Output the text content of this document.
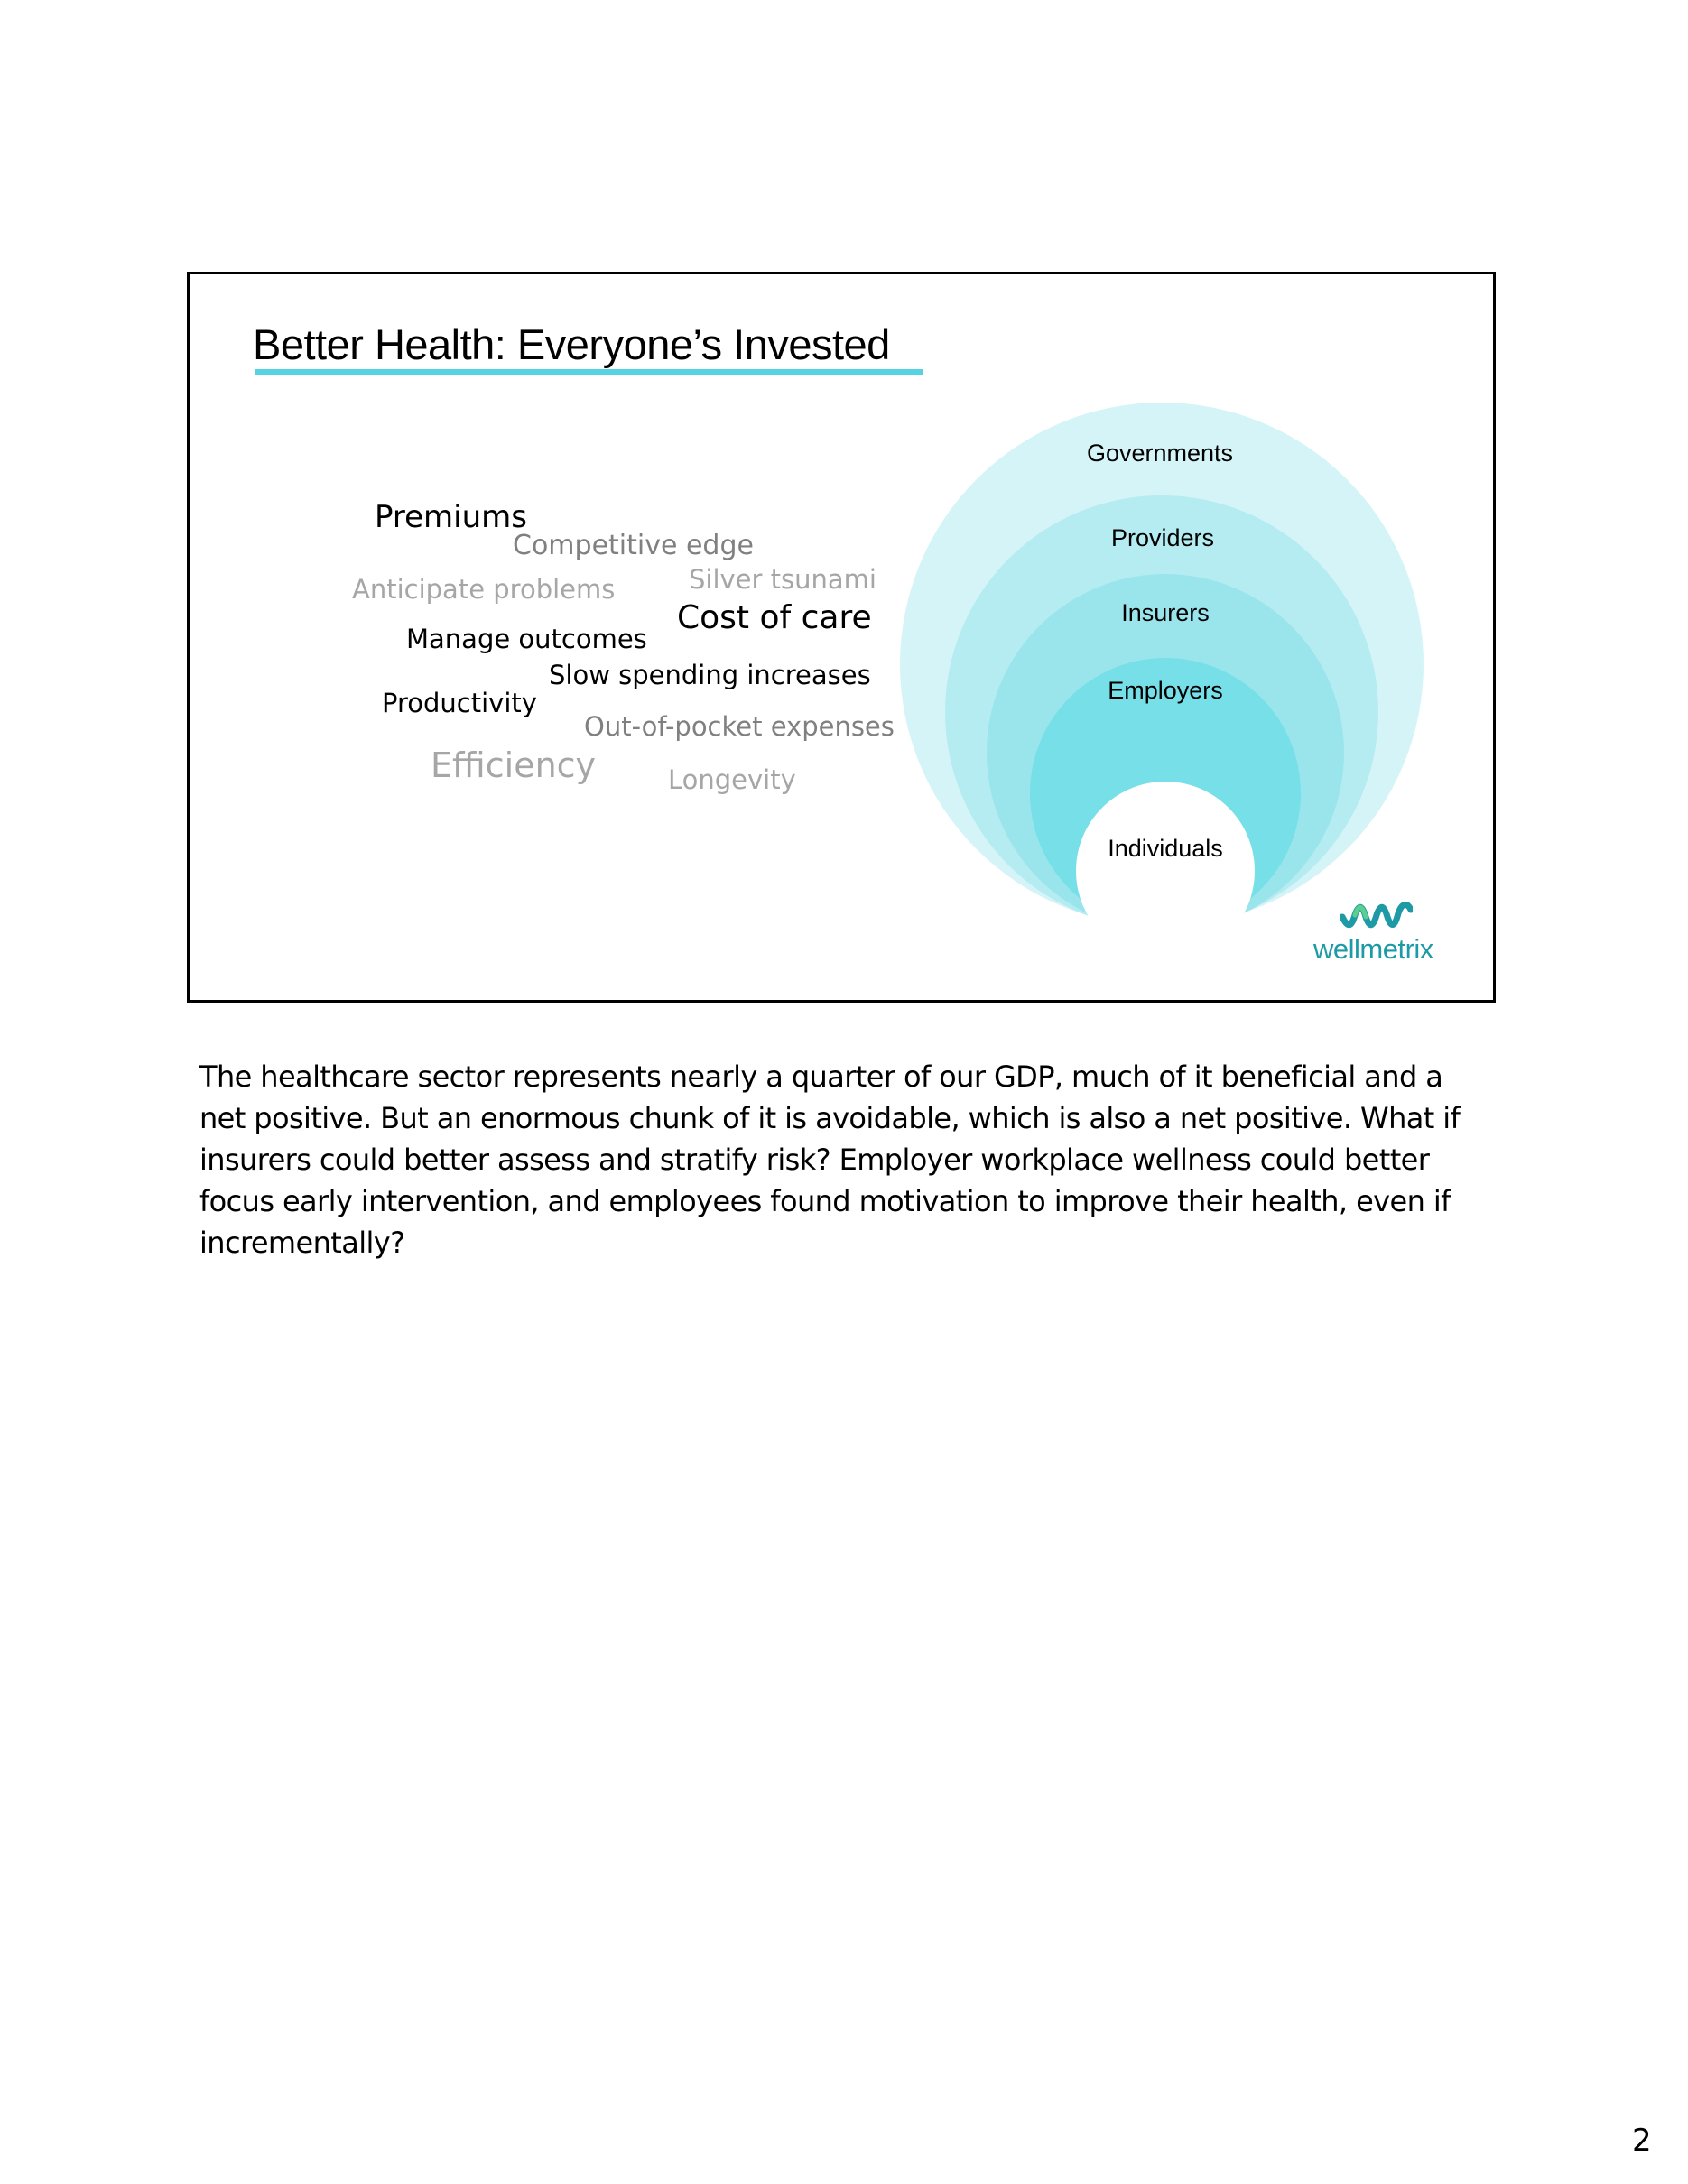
Better Health: Everyone’s Invested
Premiums
Competitive edge
Anticipate problems	Silver tsunami
Cost of care
Manage outcomes
Slow spending increases
Productivity
Out-of-pocket expenses
Efficiency	Longevity
Governments
Providers
Insurers
Employers
Individuals
wellmetrix
The healthcare sector represents nearly a quarter of our GDP, much of it beneficial and a net positive. But an enormous chunk of it is avoidable, which is also a net positive. What if insurers could better assess and stratify risk? Employer workplace wellness could better focus early intervention, and employees found motivation to improve their health, even if incrementally?
2
